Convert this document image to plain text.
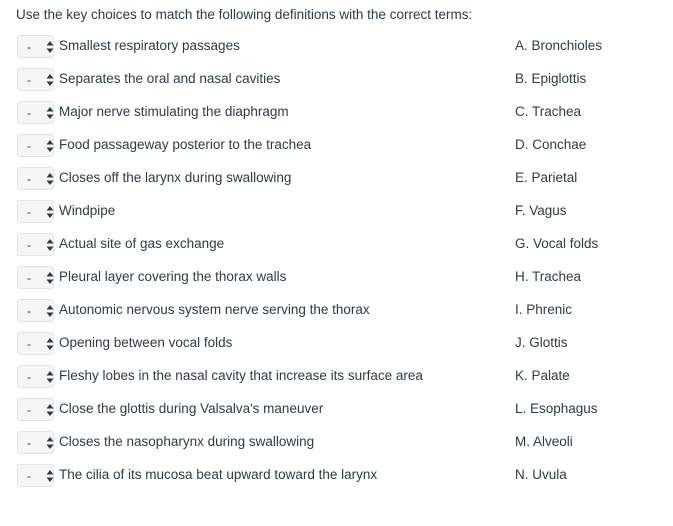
Use the key choices to match the following definitions with the correct terms:
- Smallest respiratory passages	A. Bronchioles
- Separates the oral and nasal cavities	B. Epiglottis
- Major nerve stimulating the diaphragm	C. Trachea
- Food passageway posterior to the trachea	D. Conchae
- Closes off the larynx during swallowing	E. Parietal
- Windpipe	F. Vagus
- Actual site of gas exchange	G. Vocal folds
- Pleural layer covering the thorax walls	H. Trachea
- Autonomic nervous system nerve serving the thorax	I. Phrenic
- Opening between vocal folds	J. Glottis
- Fleshy lobes in the nasal cavity that increase its surface area	K. Palate
- Close the glottis during Valsalva's maneuver	L. Esophagus
- Closes the nasopharynx during swallowing	M. Alveoli
- The cilia of its mucosa beat upward toward the larynx	N. Uvula
